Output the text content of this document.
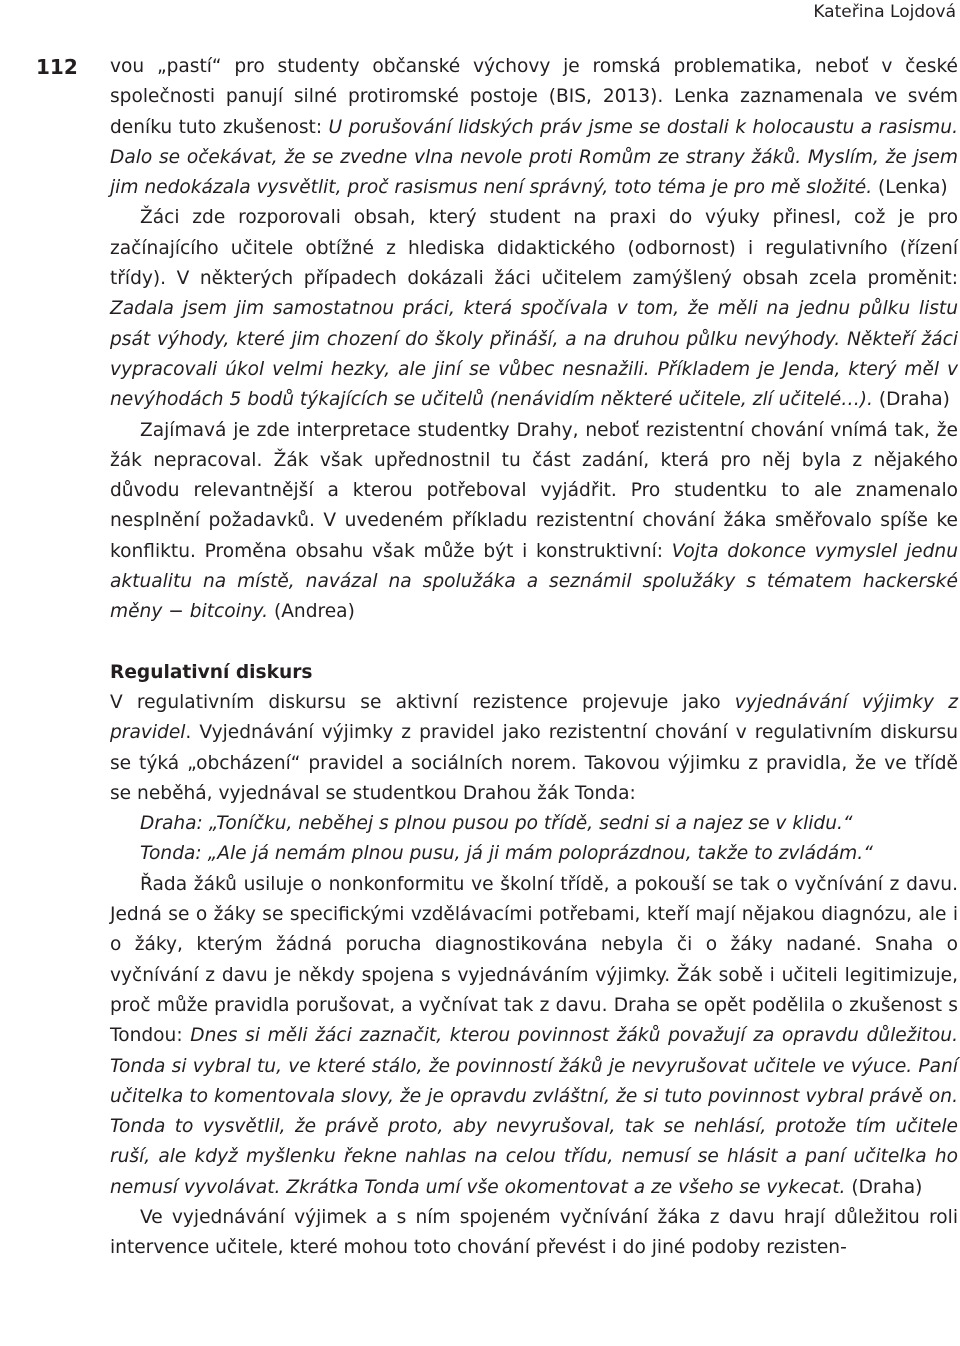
Kateřina Lojdová
112 vou „pastí“ pro studenty občanské výchovy je romská problematika, neboť v české společnosti panují silné protiromské postoje (BIS, 2013). Lenka zaznamenala ve svém deníku tuto zkušenost: U porušování lidských práv jsme se dostali k holocaustu a rasismu. Dalo se očekávat, že se zvedne vlna nevole proti Romům ze strany žáků. Myslím, že jsem jim nedokázala vysvětlit, proč rasismus není správný, toto téma je pro mě složité. (Lenka)

Žáci zde rozporovali obsah, který student na praxi do výuky přinesl, což je pro začínajícího učitele obtížné z hlediska didaktického (odbornost) i regulativního (řízení třídy). V některých případech dokázali žáci učitelem zamýšlený obsah zcela proměnit: Zadala jsem jim samostatnou práci, která spočívala v tom, že měli na jednu půlku listu psát výhody, které jim chození do školy přináší, a na druhou půlku nevýhody. Někteří žáci vypracovali úkol velmi hezky, ale jiní se vůbec nesnažili. Příkladem je Jenda, který měl v nevýhodách 5 bodů týkajících se učitelů (nenávidím některé učitele, zlí učitelé…). (Draha)

Zajímavá je zde interpretace studentky Drahy, neboť rezistentní chování vnímá tak, že žák nepracoval. Žák však upřednostnil tu část zadání, která pro něj byla z nějakého důvodu relevantnější a kterou potřeboval vyjádřit. Pro studentku to ale znamenalo nesplnění požadavků. V uvedeném příkladu rezistentní chování žáka směřovalo spíše ke konfliktu. Proměna obsahu však může být i konstruktivní: Vojta dokonce vymyslel jednu aktualitu na místě, navázal na spolužáka a seznámil spolužáky s tématem hackerské měny − bitcoiny. (Andrea)

Regulativní diskurs

V regulativním diskursu se aktivní rezistence projevuje jako vyjednávání výjimky z pravidel. Vyjednávání výjimky z pravidel jako rezistentní chování v regulativním diskursu se týká „obcházení“ pravidel a sociálních norem. Takovou výjimku z pravidla, že ve třídě se neběhá, vyjednával se studentkou Drahou žák Tonda:

Draha: „Toníčku, neběhej s plnou pusou po třídě, sedni si a najez se v klidu.“

Tonda: „Ale já nemám plnou pusu, já ji mám poloprázdnou, takže to zvládám.“

Řada žáků usiluje o nonkonformitu ve školní třídě, a pokouší se tak o vyčnívání z davu. Jedná se o žáky se specifickými vzdělávacími potřebami, kteří mají nějakou diagnózu, ale i o žáky, kterým žádná porucha diagnostikována nebyla či o žáky nadané. Snaha o vyčnívání z davu je někdy spojena s vyjednáváním výjimky. Žák sobě i učiteli legitimizuje, proč může pravidla porušovat, a vyčnívat tak z davu. Draha se opět podělila o zkušenost s Tondou: Dnes si měli žáci zaznačit, kterou povinnost žáků považují za opravdu důležitou. Tonda si vybral tu, ve které stálo, že povinností žáků je nevyrušovat učitele ve výuce. Paní učitelka to komentovala slovy, že je opravdu zvláštní, že si tuto povinnost vybral právě on. Tonda to vysvětlil, že právě proto, aby nevyrušoval, tak se nehlásí, protože tím učitele ruší, ale když myšlenku řekne nahlas na celou třídu, nemusí se hlásit a paní učitelka ho nemusí vyvolávat. Zkrátka Tonda umí vše okomentovat a ze všeho se vykecat. (Draha)

Ve vyjednávání výjimek a s ním spojeném vyčnívání žáka z davu hrají důležitou roli intervence učitele, které mohou toto chování převést i do jiné podoby rezisten-
